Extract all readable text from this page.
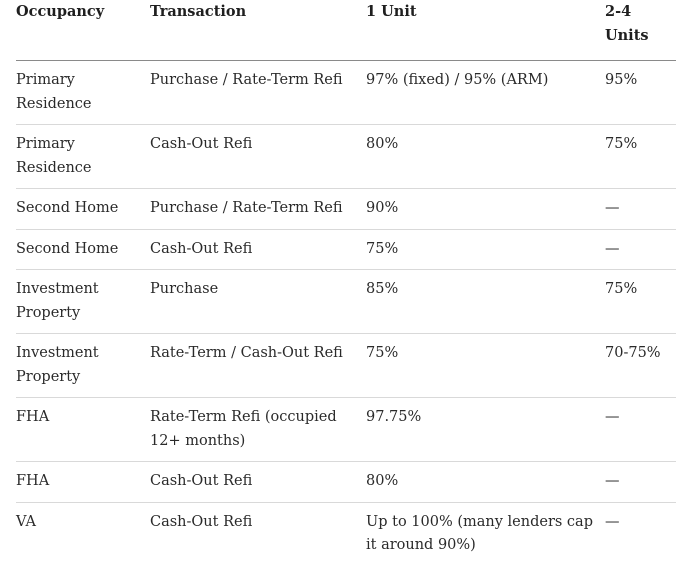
Occupancy	Transaction	1 Unit	2-4 Units
Primary Residence	Purchase / Rate-Term Refi	97% (fixed) / 95% (ARM)	95%
Primary Residence	Cash-Out Refi	80%	75%
Second Home	Purchase / Rate-Term Refi	90%	—
Second Home	Cash-Out Refi	75%	—
Investment Property	Purchase	85%	75%
Investment Property	Rate-Term / Cash-Out Refi	75%	70-75%
FHA	Rate-Term Refi (occupied 12+ months)	97.75%	—
FHA	Cash-Out Refi	80%	—
VA	Cash-Out Refi	Up to 100% (many lenders cap it around 90%)	—
